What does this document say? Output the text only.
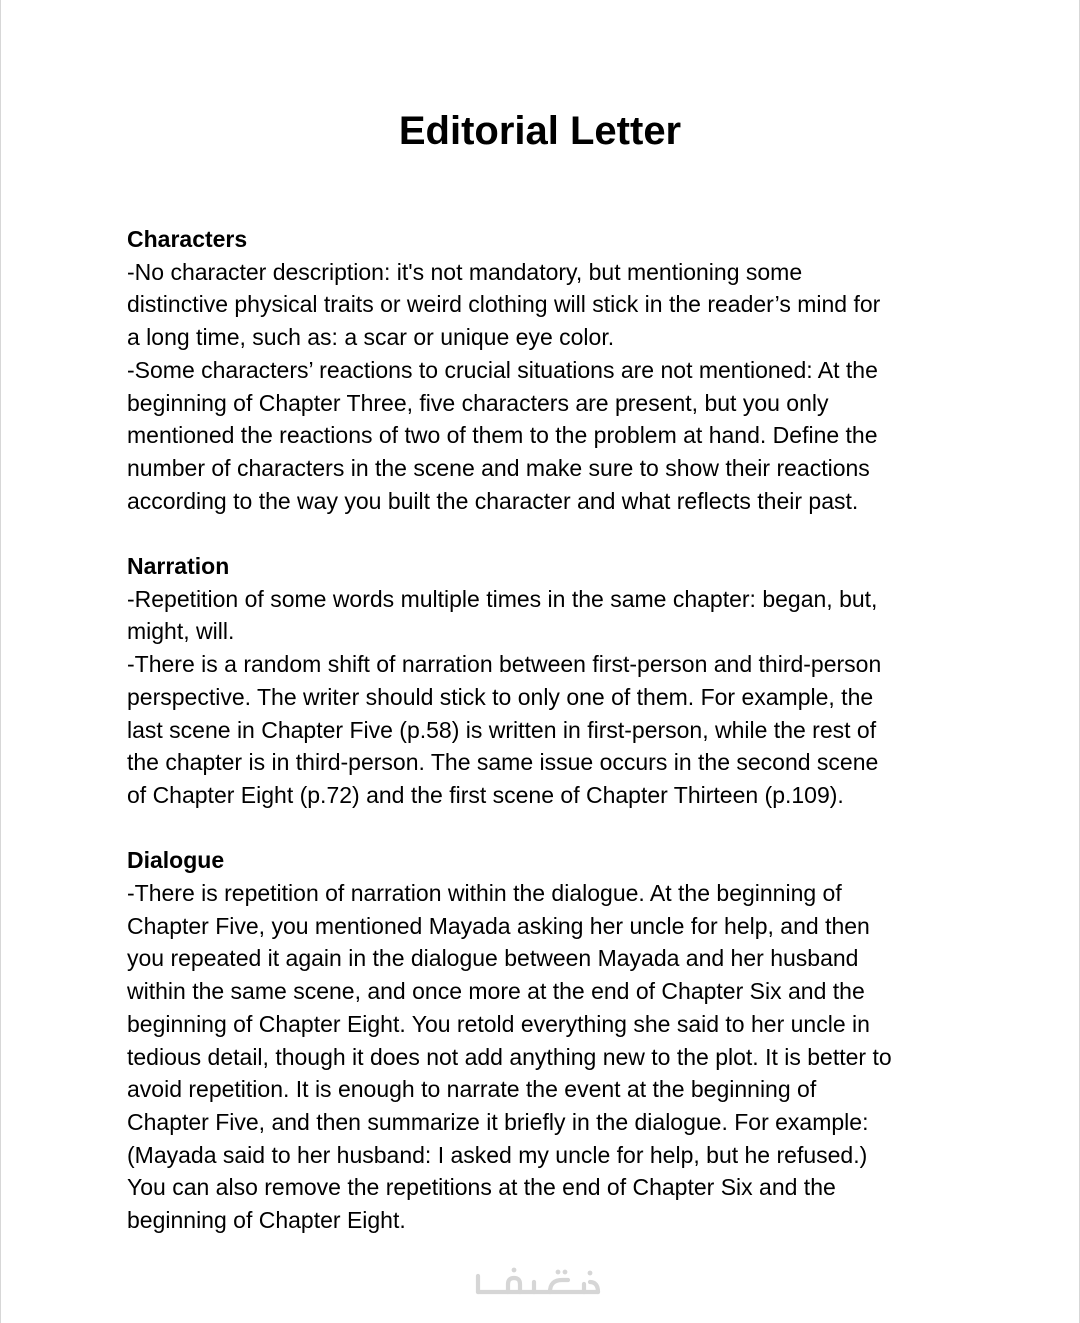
Editorial Letter
Characters
-No character description: it's not mandatory, but mentioning some
distinctive physical traits or weird clothing will stick in the reader’s mind for
a long time, such as: a scar or unique eye color.
-Some characters’ reactions to crucial situations are not mentioned: At the
beginning of Chapter Three, five characters are present, but you only
mentioned the reactions of two of them to the problem at hand. Define the
number of characters in the scene and make sure to show their reactions
according to the way you built the character and what reflects their past.
Narration
-Repetition of some words multiple times in the same chapter: began, but,
might, will.
-There is a random shift of narration between first-person and third-person
perspective. The writer should stick to only one of them. For example, the
last scene in Chapter Five (p.58) is written in first-person, while the rest of
the chapter is in third-person. The same issue occurs in the second scene
of Chapter Eight (p.72) and the first scene of Chapter Thirteen (p.109).
Dialogue
-There is repetition of narration within the dialogue. At the beginning of
Chapter Five, you mentioned Mayada asking her uncle for help, and then
you repeated it again in the dialogue between Mayada and her husband
within the same scene, and once more at the end of Chapter Six and the
beginning of Chapter Eight. You retold everything she said to her uncle in
tedious detail, though it does not add anything new to the plot. It is better to
avoid repetition. It is enough to narrate the event at the beginning of
Chapter Five, and then summarize it briefly in the dialogue. For example:
(Mayada said to her husband: I asked my uncle for help, but he refused.)
You can also remove the repetitions at the end of Chapter Six and the
beginning of Chapter Eight.
